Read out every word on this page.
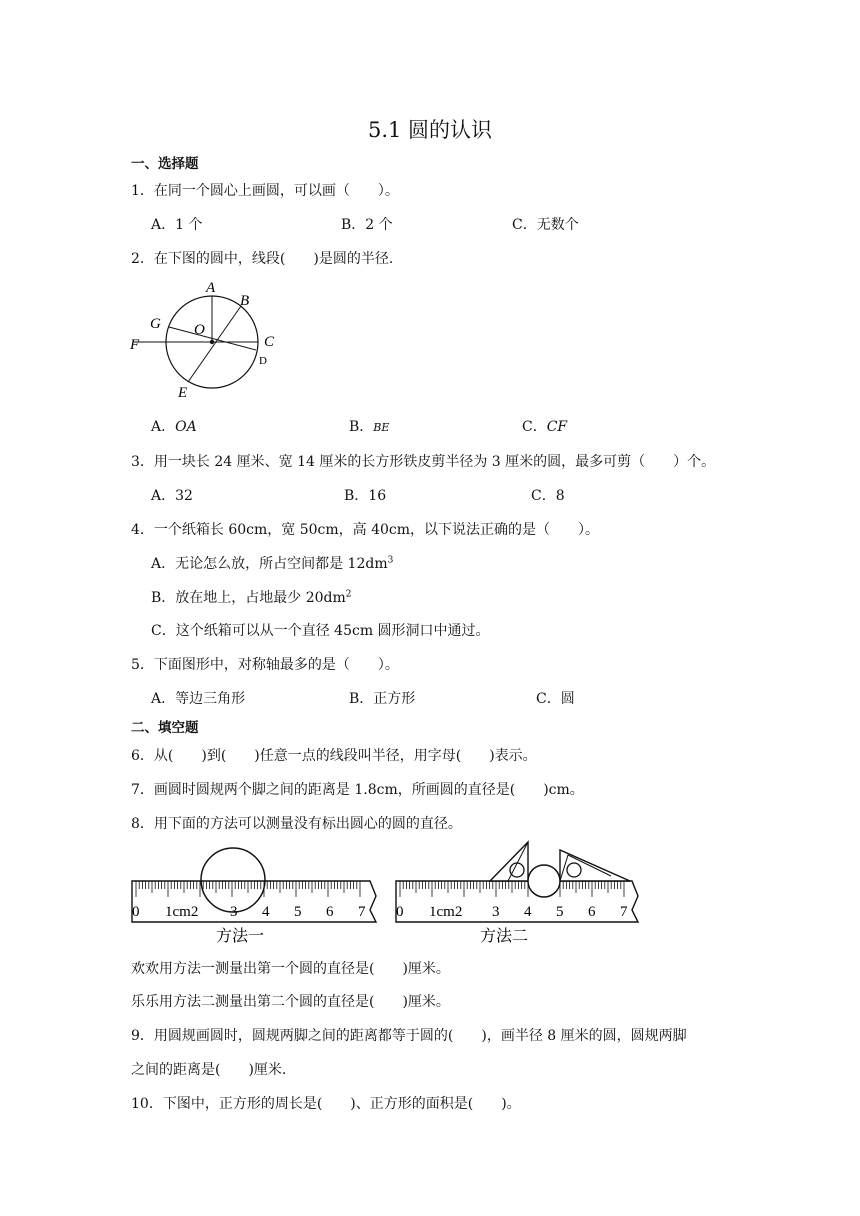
5.1 圆的认识
一、选择题
1．在同一个圆心上画圆，可以画（　　）。
A．1 个	B．2 个	C．无数个
2．在下图的圆中，线段(　　)是圆的半径.
A
B
G O
C
D
F
E
A．OA	B．BE	C．CF
3．用一块长 24 厘米、宽 14 厘米的长方形铁皮剪半径为 3 厘米的圆，最多可剪（　　）个。
A．32	B．16	C．8
4．一个纸箱长 60cm，宽 50cm，高 40cm，以下说法正确的是（　　）。
A．无论怎么放，所占空间都是 $12dm^3$
B．放在地上，占地最少 $20dm^2$
C．这个纸箱可以从一个直径 45cm 圆形洞口中通过。
5．下面图形中，对称轴最多的是（　　）。
A．等边三角形	B．正方形	C．圆
二、填空题
6．从(　　)到(　　)任意一点的线段叫半径，用字母(　　)表示。
7．画圆时圆规两个脚之间的距离是 1.8cm，所画圆的直径是(　　)cm。
8．用下面的方法可以测量没有标出圆心的圆的直径。
0 1cm2 3 4 5 6 7
方法一
0 1cm2 3 4 5 6 7
方法二
欢欢用方法一测量出第一个圆的直径是(　　)厘米。
乐乐用方法二测量出第二个圆的直径是(　　)厘米。
9．用圆规画圆时，圆规两脚之间的距离都等于圆的(　　)，画半径 8 厘米的圆，圆规两脚
之间的距离是(　　)厘米.
10．下图中，正方形的周长是(　　)、正方形的面积是(　　)。
